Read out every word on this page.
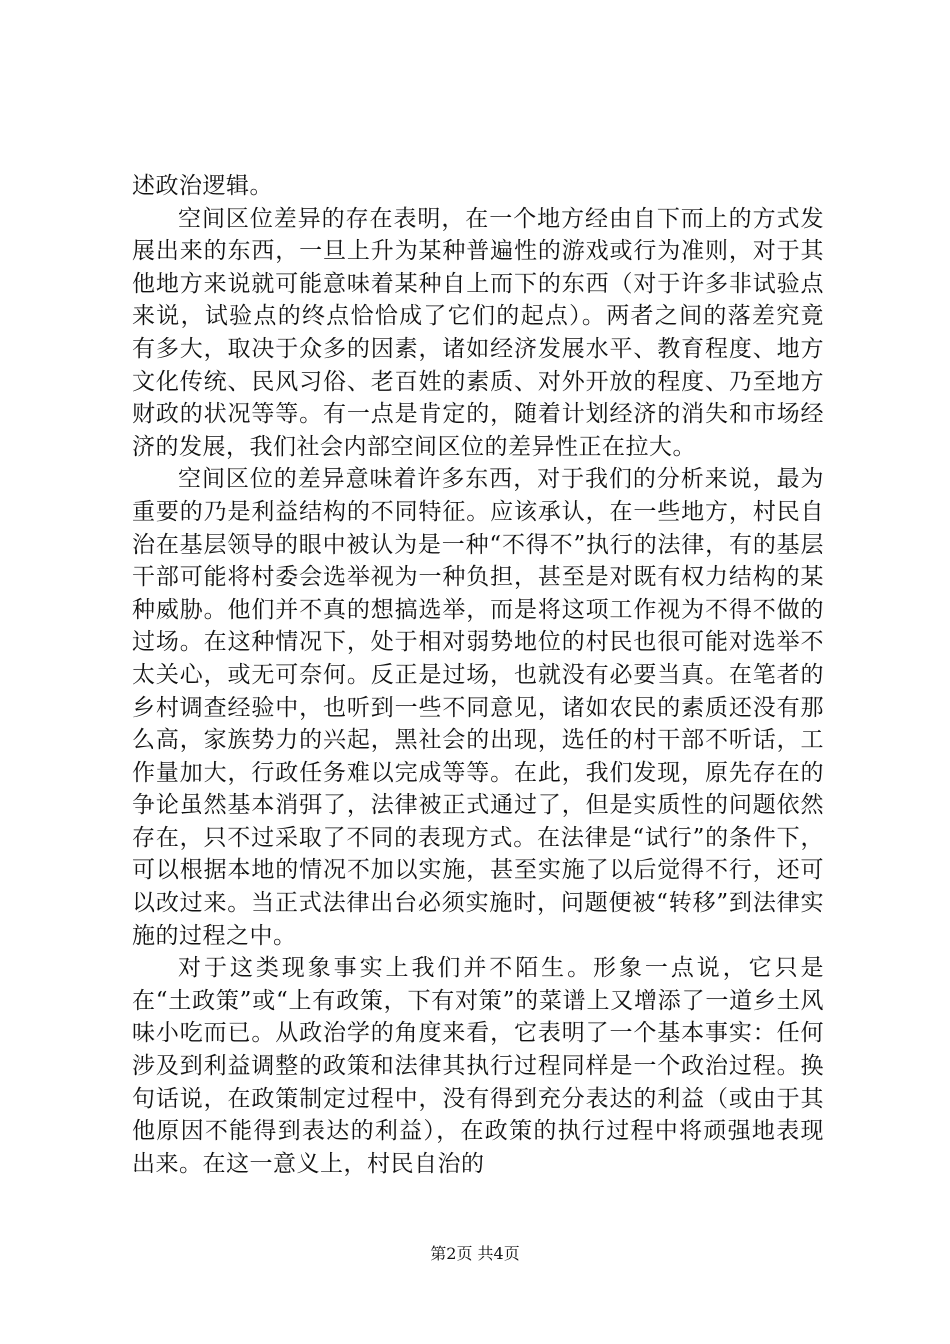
述政治逻辑。

空间区位差异的存在表明，在一个地方经由自下而上的方式发展出来的东西，一旦上升为某种普遍性的游戏或行为准则，对于其他地方来说就可能意味着某种自上而下的东西（对于许多非试验点来说，试验点的终点恰恰成了它们的起点）。两者之间的落差究竟有多大，取决于众多的因素，诸如经济发展水平、教育程度、地方文化传统、民风习俗、老百姓的素质、对外开放的程度、乃至地方财政的状况等等。有一点是肯定的，随着计划经济的消失和市场经济的发展，我们社会内部空间区位的差异性正在拉大。

空间区位的差异意味着许多东西，对于我们的分析来说，最为重要的乃是利益结构的不同特征。应该承认，在一些地方，村民自治在基层领导的眼中被认为是一种“不得不”执行的法律，有的基层干部可能将村委会选举视为一种负担，甚至是对既有权力结构的某种威胁。他们并不真的想搞选举，而是将这项工作视为不得不做的过场。在这种情况下，处于相对弱势地位的村民也很可能对选举不太关心，或无可奈何。反正是过场，也就没有必要当真。在笔者的乡村调查经验中，也听到一些不同意见，诸如农民的素质还没有那么高，家族势力的兴起，黑社会的出现，选任的村干部不听话，工作量加大，行政任务难以完成等等。在此，我们发现，原先存在的争论虽然基本消弭了，法律被正式通过了，但是实质性的问题依然存在，只不过采取了不同的表现方式。在法律是“试行”的条件下，可以根据本地的情况不加以实施，甚至实施了以后觉得不行，还可以改过来。当正式法律出台必须实施时，问题便被“转移”到法律实施的过程之中。

对于这类现象事实上我们并不陌生。形象一点说，它只是在“土政策”或“上有政策，下有对策”的菜谱上又增添了一道乡土风味小吃而已。从政治学的角度来看，它表明了一个基本事实：任何涉及到利益调整的政策和法律其执行过程同样是一个政治过程。换句话说，在政策制定过程中，没有得到充分表达的利益（或由于其他原因不能得到表达的利益），在政策的执行过程中将顽强地表现出来。在这一意义上，村民自治的

第2页 共4页
